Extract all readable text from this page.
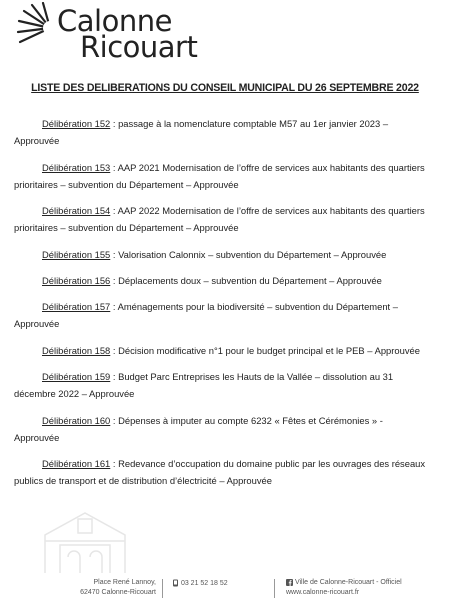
Calonne
Ricouart
LISTE DES DELIBERATIONS DU CONSEIL MUNICIPAL DU 26 SEPTEMBRE 2022

Délibération 152 : passage à la nomenclature comptable M57 au 1er janvier 2023 – Approuvée

Délibération 153 : AAP 2021 Modernisation de l’offre de services aux habitants des quartiers prioritaires – subvention du Département – Approuvée

Délibération 154 : AAP 2022 Modernisation de l’offre de services aux habitants des quartiers prioritaires – subvention du Département – Approuvée

Délibération 155 : Valorisation Calonnix – subvention du Département – Approuvée

Délibération 156 : Déplacements doux – subvention du Département – Approuvée

Délibération 157 : Aménagements pour la biodiversité – subvention du Département – Approuvée

Délibération 158 : Décision modificative n°1 pour le budget principal et le PEB – Approuvée

Délibération 159 : Budget Parc Entreprises les Hauts de la Vallée – dissolution au 31 décembre 2022 – Approuvée

Délibération 160 : Dépenses à imputer au compte 6232 « Fêtes et Cérémonies » - Approuvée

Délibération 161 : Redevance d’occupation du domaine public par les ouvrages des réseaux publics de transport et de distribution d’électricité – Approuvée

Place René Lannoy,
62470 Calonne-Ricouart
03 21 52 18 52	Ville de Calonne-Ricouart - Officiel
www.calonne-ricouart.fr
